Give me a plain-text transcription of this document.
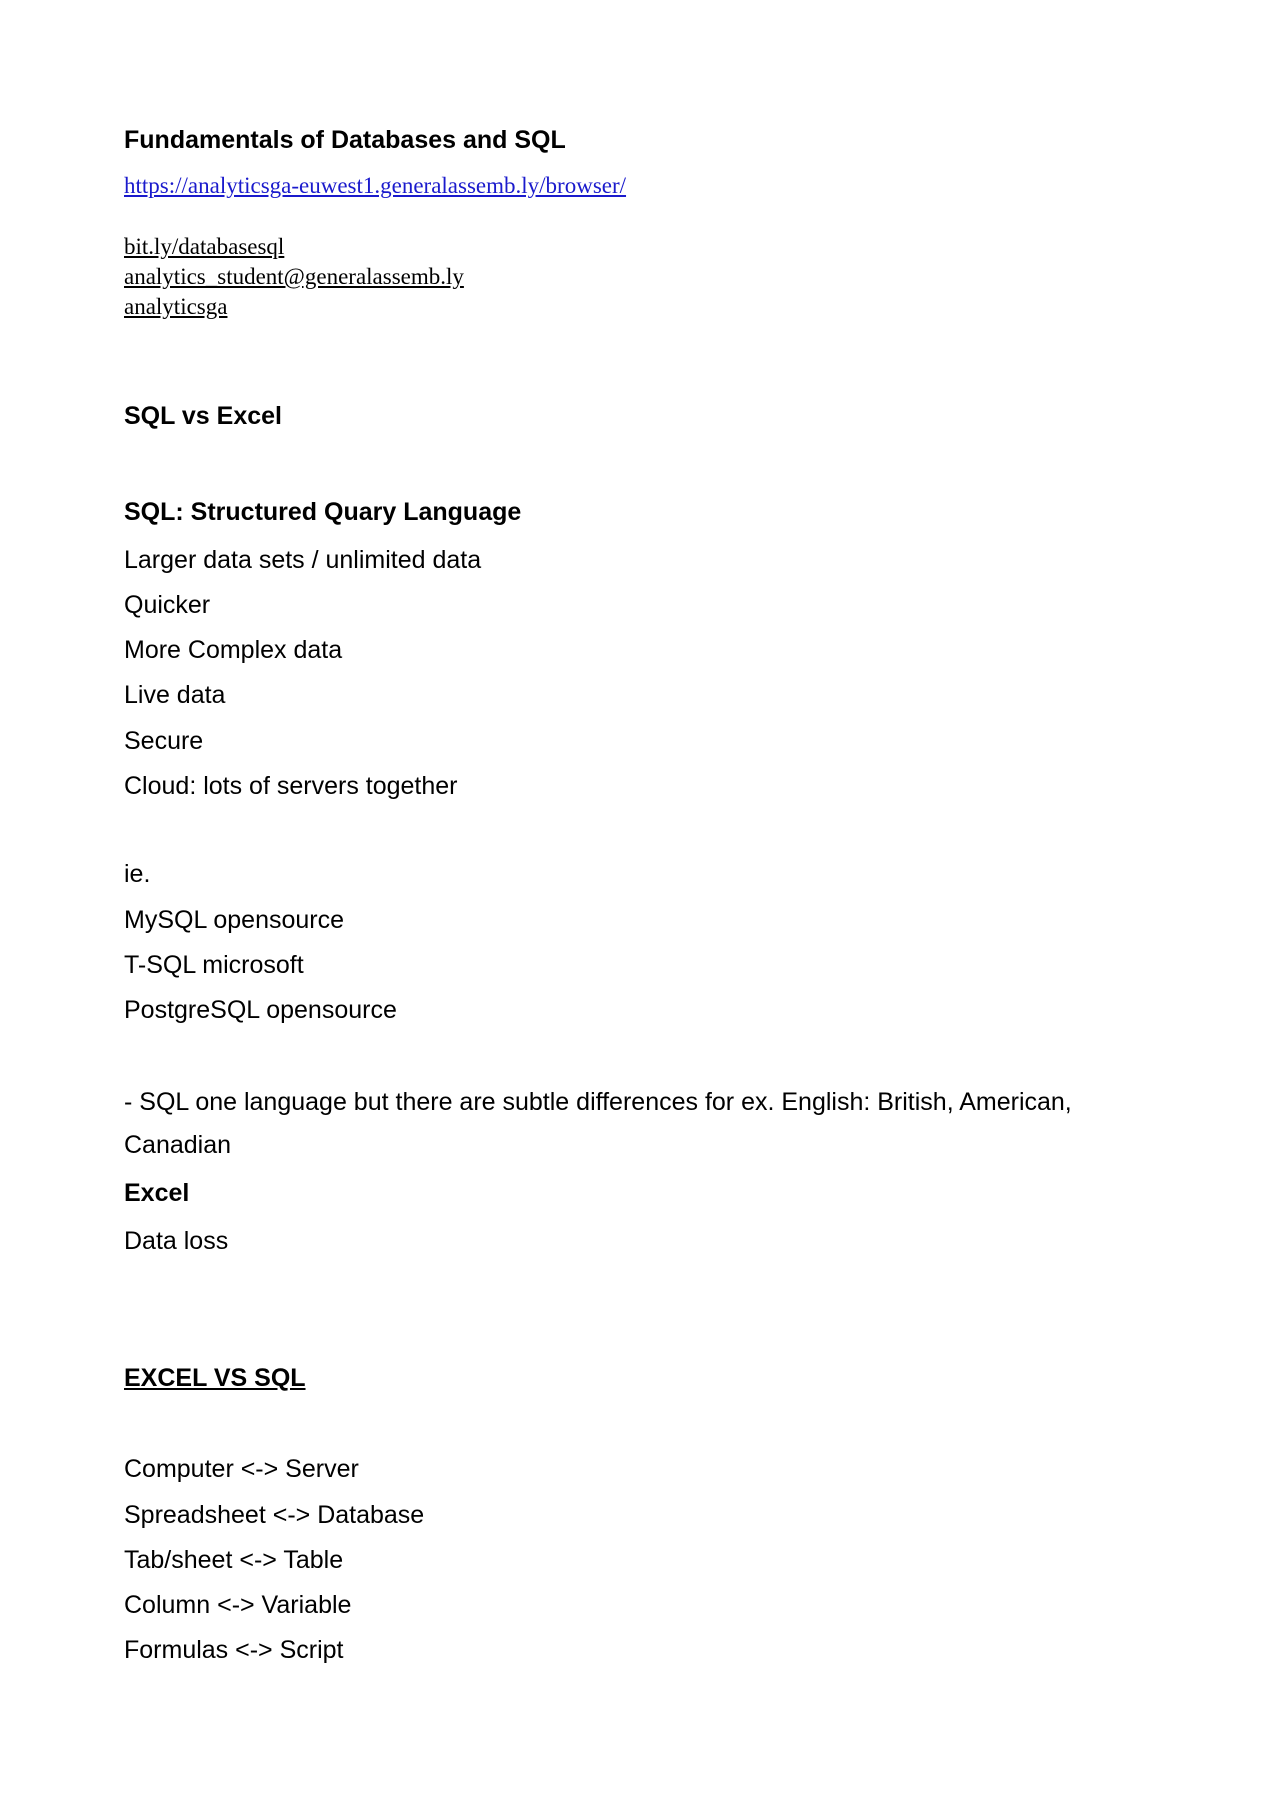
Fundamentals of Databases and SQL
https://analyticsga-euwest1.generalassemb.ly/browser/
bit.ly/databasesql
analytics_student@generalassemb.ly
analyticsga
SQL vs Excel
SQL: Structured Quary Language
Larger data sets / unlimited data
Quicker
More Complex data
Live data
Secure
Cloud: lots of servers together
ie.
MySQL opensource
T-SQL microsoft
PostgreSQL opensource
- SQL one language but there are subtle differences for ex. English: British, American,
Canadian
Excel
Data loss
EXCEL VS SQL
Computer <-> Server
Spreadsheet <-> Database
Tab/sheet <-> Table
Column <-> Variable
Formulas <-> Script
